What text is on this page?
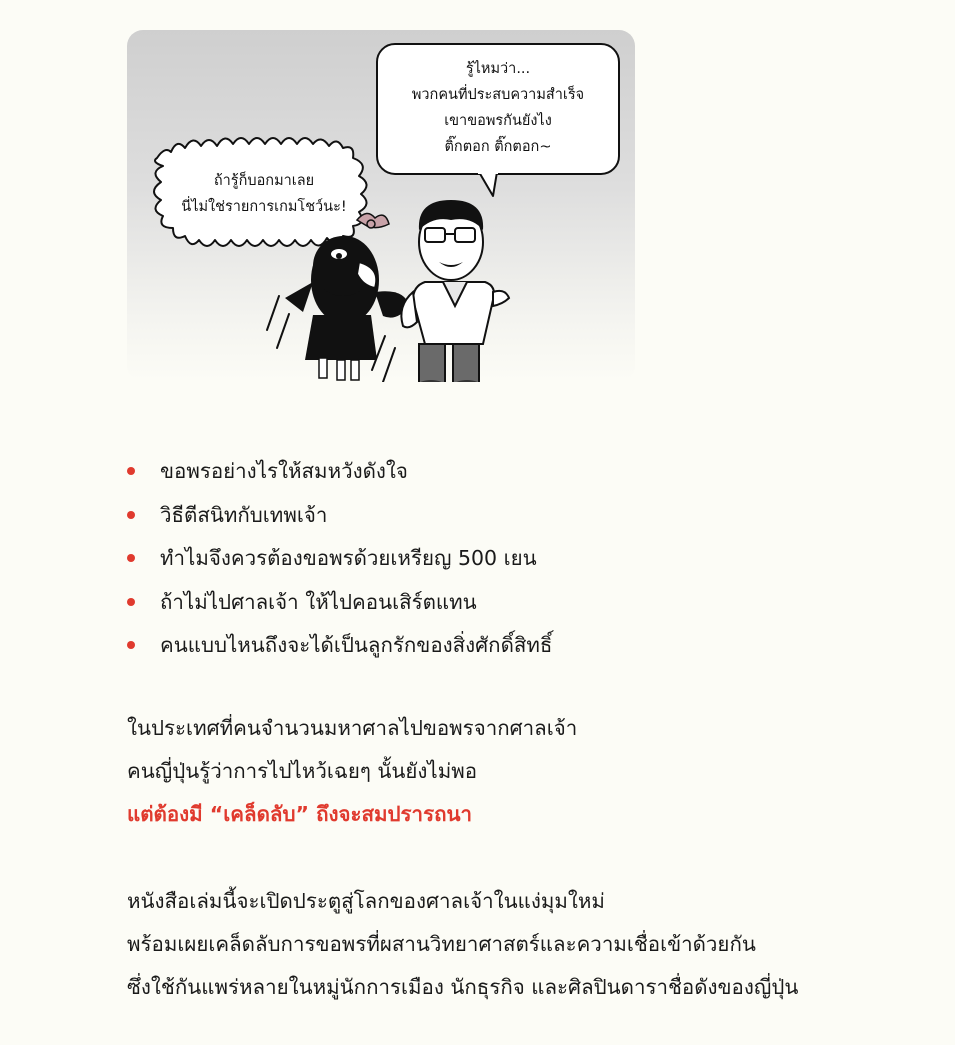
รู้ไหมว่า...
พวกคนที่ประสบความสำเร็จ
เขาขอพรกันยังไง
ติ๊กตอก ติ๊กตอก~
ถ้ารู้ก็บอกมาเลย
นี่ไม่ใช่รายการเกมโชว์นะ!
ขอพรอย่างไรให้สมหวังดังใจ
วิธีตีสนิทกับเทพเจ้า
ทำไมจึงควรต้องขอพรด้วยเหรียญ 500 เยน
ถ้าไม่ไปศาลเจ้า ให้ไปคอนเสิร์ตแทน
คนแบบไหนถึงจะได้เป็นลูกรักของสิ่งศักดิ์สิทธิ์
ในประเทศที่คนจำนวนมหาศาลไปขอพรจากศาลเจ้า
คนญี่ปุ่นรู้ว่าการไปไหว้เฉยๆ นั้นยังไม่พอ
แต่ต้องมี “เคล็ดลับ” ถึงจะสมปรารถนา
หนังสือเล่มนี้จะเปิดประตูสู่โลกของศาลเจ้าในแง่มุมใหม่
พร้อมเผยเคล็ดลับการขอพรที่ผสานวิทยาศาสตร์และความเชื่อเข้าด้วยกัน
ซึ่งใช้กันแพร่หลายในหมู่นักการเมือง นักธุรกิจ และศิลปินดาราชื่อดังของญี่ปุ่น
